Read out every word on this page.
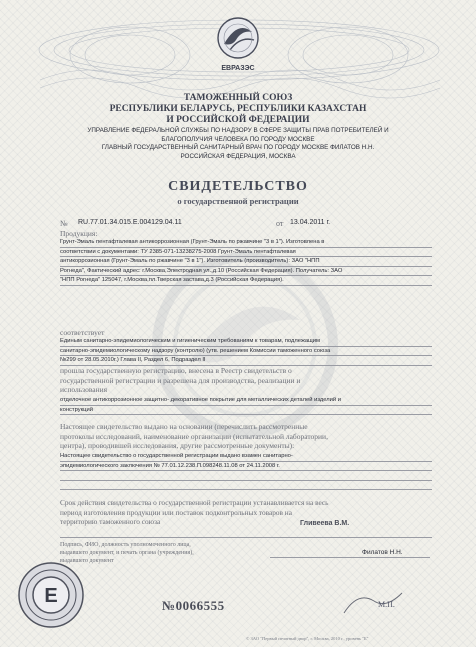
ЕВРАЗЭС
ТАМОЖЕННЫЙ СОЮЗ
РЕСПУБЛИКИ БЕЛАРУСЬ, РЕСПУБЛИКИ КАЗАХСТАН
И РОССИЙСКОЙ ФЕДЕРАЦИИ
УПРАВЛЕНИЕ ФЕДЕРАЛЬНОЙ СЛУЖБЫ ПО НАДЗОРУ В СФЕРЕ ЗАЩИТЫ ПРАВ ПОТРЕБИТЕЛЕЙ И
БЛАГОПОЛУЧИЯ ЧЕЛОВЕКА ПО ГОРОДУ МОСКВЕ
ГЛАВНЫЙ ГОСУДАРСТВЕННЫЙ САНИТАРНЫЙ ВРАЧ ПО ГОРОДУ МОСКВЕ ФИЛАТОВ Н.Н.
РОССИЙСКАЯ ФЕДЕРАЦИЯ, МОСКВА
СВИДЕТЕЛЬСТВО
о государственной регистрации
№ RU.77.01.34.015.Е.004129.04.11	от 13.04.2011 г.
Продукция:
Грунт-Эмаль пентафталевая антикоррозионная (Грунт-Эмаль по ржавчине "3 в 1"). Изготовлена в
соответствии с документами: ТУ 2385-071-13238275-2008 Грунт-Эмаль пентафталевая
антикоррозионная (Грунт-Эмаль по ржавчине "3 в 1"). Изготовитель (производитель): ЗАО "НПП
Рогнеда", Фактический адрес: г.Москва,Электродная ул.,д.10 (Российская Федерация). Получатель: ЗАО
"НПП Рогнеда" 125047, г.Москва,пл.Тверская застава,д.3 (Российская Федерация).
соответствует
Единым санитарно-эпидемиологическим и гигиеническим требованиям к товарам, подлежащим
санитарно-эпидемиологическому надзору (контролю) (утв. решением Комиссии таможенного союза
№299 от 28.05.2010г.) Глава II, Раздел 6, Подраздел II
прошла государственную регистрацию, внесена в Реестр свидетельств о
государственной регистрации и разрешена для производства, реализации и
использования
отделочное антикоррозионное защитно- декоративное покрытие для металлических деталей изделий и
конструкций
Настоящее свидетельство выдано на основании (перечислить рассмотренные
протоколы исследований, наименование организации (испытательной лаборатории,
центра), проводившей исследования, другие рассмотренные документы):
Настоящее свидетельство о государственной регистрации выдано взамен санитарно-
эпидемиологического заключения № 77.01.12.238.П.098248.11.08 от 24.11.2008 г.
Срок действия свидетельства о государственной регистрации устанавливается на весь
период изготовления продукции или поставок подконтрольных товаров на
территорию таможенного союза	Гливеева В.М.
Подпись, ФИО, должность уполномоченного лица,
выдавшего документ, и печать органа (учреждения),
выдавшего документ
Филатов Н.Н.
Е	№0066555	М.П.
© ЗАО "Первый печатный двор", г. Москва, 2010 г., уровень "Б"
